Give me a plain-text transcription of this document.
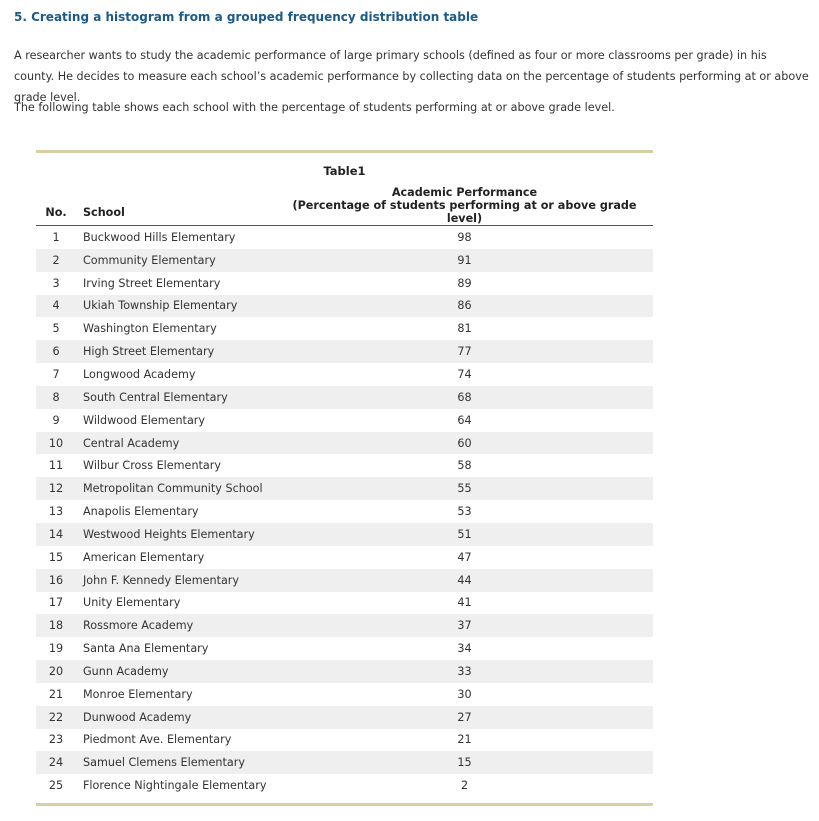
5. Creating a histogram from a grouped frequency distribution table

A researcher wants to study the academic performance of large primary schools (defined as four or more classrooms per grade) in his county. He decides to measure each school’s academic performance by collecting data on the percentage of students performing at or above grade level.

The following table shows each school with the percentage of students performing at or above grade level.

Table1
		Academic Performance
No.	School	(Percentage of students performing at or above grade level)
1	Buckwood Hills Elementary	98
2	Community Elementary	91
3	Irving Street Elementary	89
4	Ukiah Township Elementary	86
5	Washington Elementary	81
6	High Street Elementary	77
7	Longwood Academy	74
8	South Central Elementary	68
9	Wildwood Elementary	64
10	Central Academy	60
11	Wilbur Cross Elementary	58
12	Metropolitan Community School	55
13	Anapolis Elementary	53
14	Westwood Heights Elementary	51
15	American Elementary	47
16	John F. Kennedy Elementary	44
17	Unity Elementary	41
18	Rossmore Academy	37
19	Santa Ana Elementary	34
20	Gunn Academy	33
21	Monroe Elementary	30
22	Dunwood Academy	27
23	Piedmont Ave. Elementary	21
24	Samuel Clemens Elementary	15
25	Florence Nightingale Elementary	2
